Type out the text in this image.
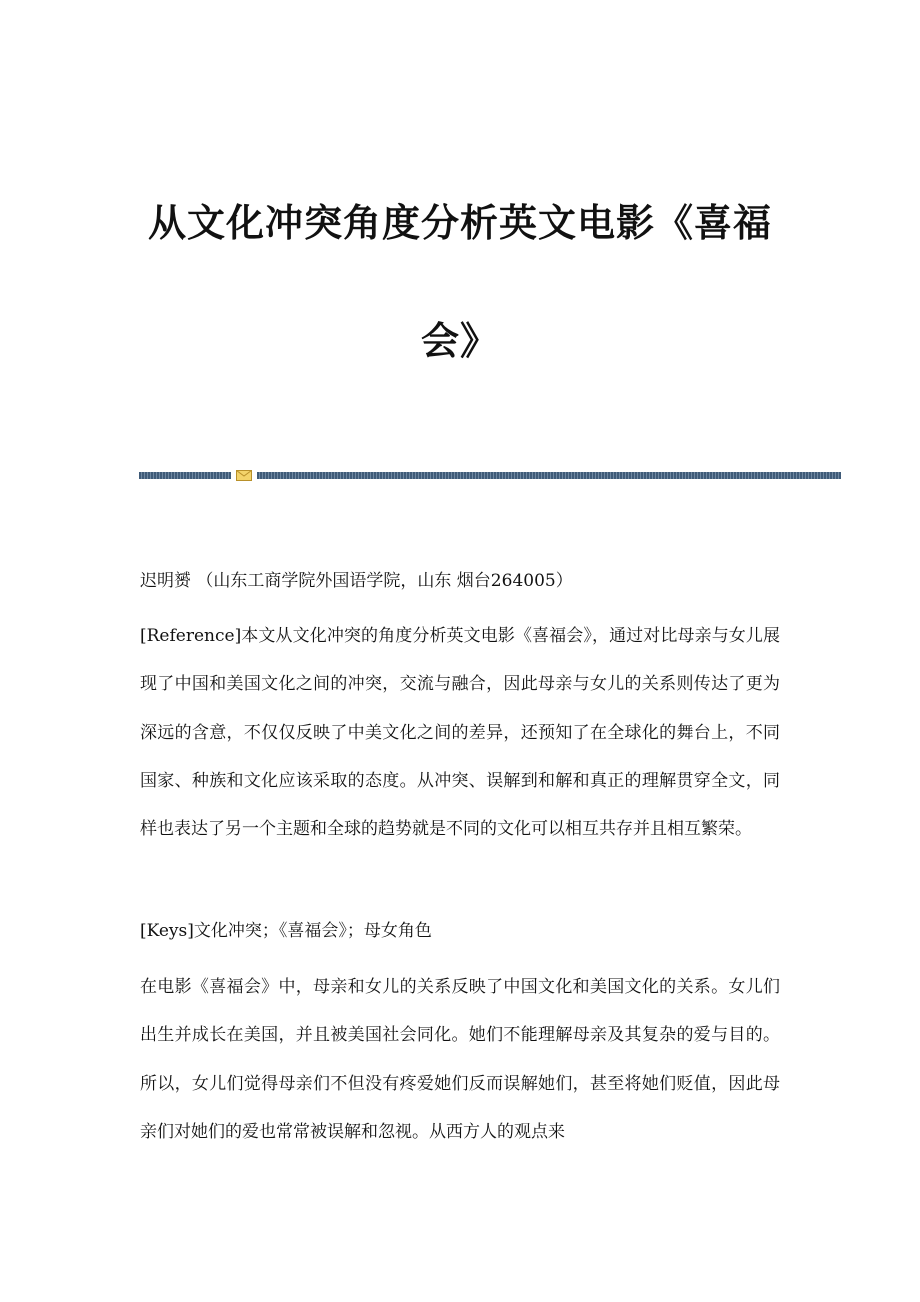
从文化冲突角度分析英文电影《喜福
会》

迟明赟 （山东工商学院外国语学院，山东 烟台264005）

[Reference]本文从文化冲突的角度分析英文电影《喜福会》，通过对比母亲与女儿展现了中国和美国文化之间的冲突，交流与融合，因此母亲与女儿的关系则传达了更为深远的含意，不仅仅反映了中美文化之间的差异，还预知了在全球化的舞台上，不同国家、种族和文化应该采取的态度。从冲突、误解到和解和真正的理解贯穿全文，同样也表达了另一个主题和全球的趋势就是不同的文化可以相互共存并且相互繁荣。

[Keys]文化冲突；《喜福会》；母女角色

在电影《喜福会》中，母亲和女儿的关系反映了中国文化和美国文化的关系。女儿们出生并成长在美国，并且被美国社会同化。她们不能理解母亲及其复杂的爱与目的。所以，女儿们觉得母亲们不但没有疼爱她们反而误解她们，甚至将她们贬值，因此母亲们对她们的爱也常常被误解和忽视。从西方人的观点来
